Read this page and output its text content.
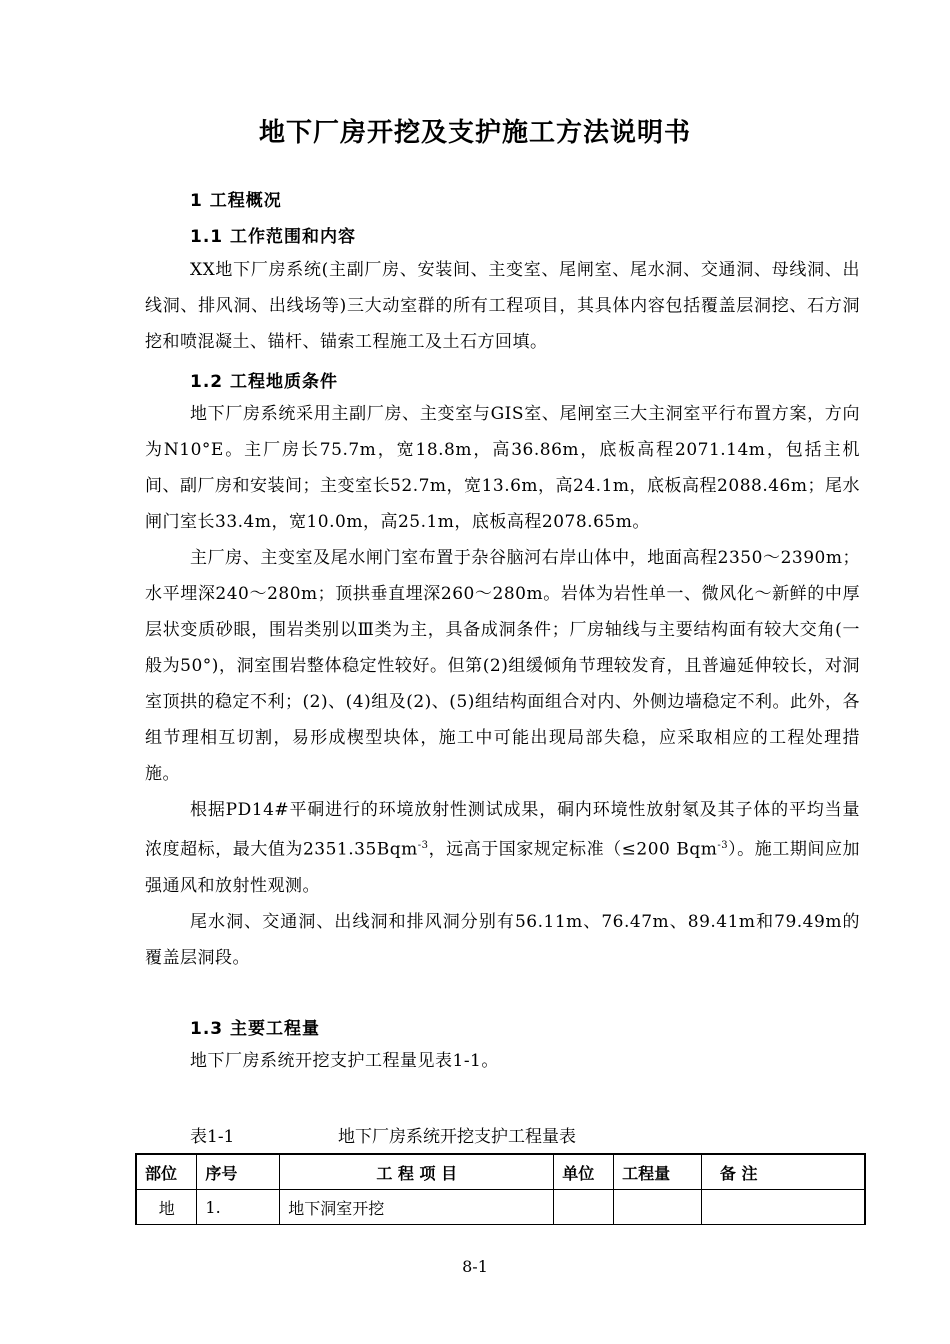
地下厂房开挖及支护施工方法说明书
1 工程概况
1.1 工作范围和内容

XX地下厂房系统(主副厂房、安装间、主变室、尾闸室、尾水洞、交通洞、母线洞、出线洞、排风洞、出线场等)三大动室群的所有工程项目，其具体内容包括覆盖层洞挖、石方洞挖和喷混凝土、锚杆、锚索工程施工及土石方回填。

1.2 工程地质条件

地下厂房系统采用主副厂房、主变室与GIS室、尾闸室三大主洞室平行布置方案，方向为N10°E。主厂房长75.7m，宽18.8m，高36.86m，底板高程2071.14m，包括主机间、副厂房和安装间；主变室长52.7m，宽13.6m，高24.1m，底板高程2088.46m；尾水闸门室长33.4m，宽10.0m，高25.1m，底板高程2078.65m。

主厂房、主变室及尾水闸门室布置于杂谷脑河右岸山体中，地面高程2350～2390m；水平埋深240～280m；顶拱垂直埋深260～280m。岩体为岩性单一、微风化～新鲜的中厚层状变质砂眼，围岩类别以Ⅲ类为主，具备成洞条件；厂房轴线与主要结构面有较大交角(一般为50°)，洞室围岩整体稳定性较好。但第(2)组缓倾角节理较发育，且普遍延伸较长，对洞室顶拱的稳定不利；(2)、(4)组及(2)、(5)组结构面组合对内、外侧边墙稳定不利。此外，各组节理相互切割，易形成楔型块体，施工中可能出现局部失稳，应采取相应的工程处理措施。

根据PD14#平硐进行的环境放射性测试成果，硐内环境性放射氡及其子体的平均当量浓度超标，最大值为2351.35Bqm$^{-3}$，远高于国家规定标准（≤200 Bqm$^{-3}$）。施工期间应加强通风和放射性观测。

尾水洞、交通洞、出线洞和排风洞分别有56.11m、76.47m、89.41m和79.49m的覆盖层洞段。

1.3 主要工程量

地下厂房系统开挖支护工程量见表1-1。

表1-1	地下厂房系统开挖支护工程量表
部位	序号	工 程 项 目	单位	工程量	备 注
地	1.	地下洞室开挖			
8-1
